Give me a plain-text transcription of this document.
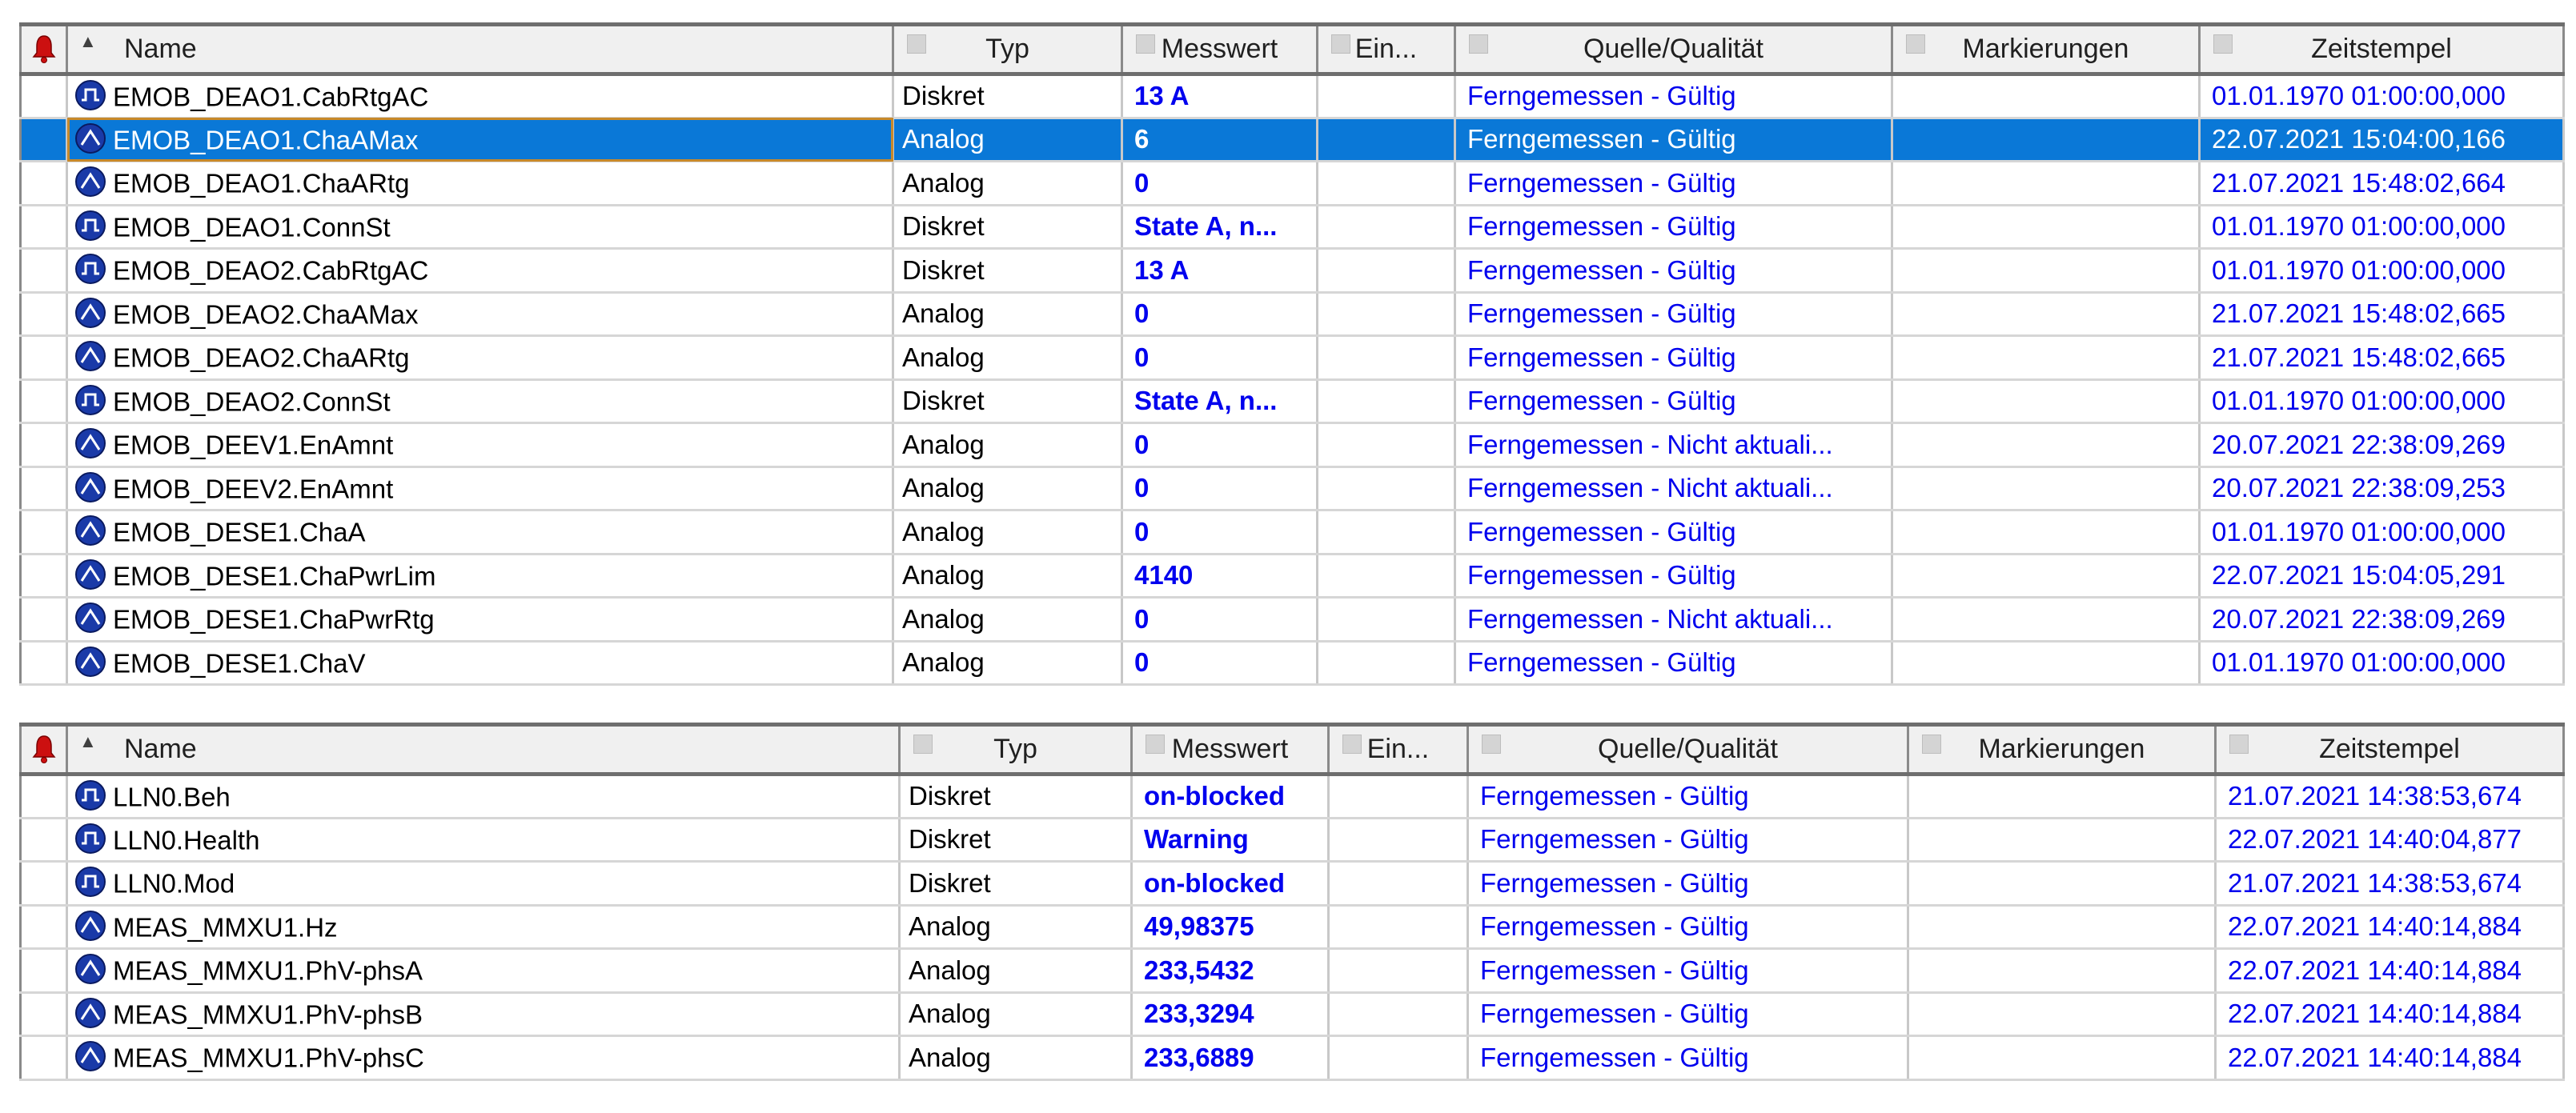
▲ Name	Typ	Messwert	Ein...	Quelle/Qualität	Markierungen	Zeitstempel
	EMOB_DEAO1.CabRtgAC	Diskret	13 A		Ferngemessen - Gültig		01.01.1970 01:00:00,000
	EMOB_DEAO1.ChaAMax	Analog	6		Ferngemessen - Gültig		22.07.2021 15:04:00,166
	EMOB_DEAO1.ChaARtg	Analog	0		Ferngemessen - Gültig		21.07.2021 15:48:02,664
	EMOB_DEAO1.ConnSt	Diskret	State A, n...		Ferngemessen - Gültig		01.01.1970 01:00:00,000
	EMOB_DEAO2.CabRtgAC	Diskret	13 A		Ferngemessen - Gültig		01.01.1970 01:00:00,000
	EMOB_DEAO2.ChaAMax	Analog	0		Ferngemessen - Gültig		21.07.2021 15:48:02,665
	EMOB_DEAO2.ChaARtg	Analog	0		Ferngemessen - Gültig		21.07.2021 15:48:02,665
	EMOB_DEAO2.ConnSt	Diskret	State A, n...		Ferngemessen - Gültig		01.01.1970 01:00:00,000
	EMOB_DEEV1.EnAmnt	Analog	0		Ferngemessen - Nicht aktuali...		20.07.2021 22:38:09,269
	EMOB_DEEV2.EnAmnt	Analog	0		Ferngemessen - Nicht aktuali...		20.07.2021 22:38:09,253
	EMOB_DESE1.ChaA	Analog	0		Ferngemessen - Gültig		01.01.1970 01:00:00,000
	EMOB_DESE1.ChaPwrLim	Analog	4140		Ferngemessen - Gültig		22.07.2021 15:04:05,291
	EMOB_DESE1.ChaPwrRtg	Analog	0		Ferngemessen - Nicht aktuali...		20.07.2021 22:38:09,269
	EMOB_DESE1.ChaV	Analog	0		Ferngemessen - Gültig		01.01.1970 01:00:00,000

▲ Name	Typ	Messwert	Ein...	Quelle/Qualität	Markierungen	Zeitstempel
	LLN0.Beh	Diskret	on-blocked		Ferngemessen - Gültig		21.07.2021 14:38:53,674
	LLN0.Health	Diskret	Warning		Ferngemessen - Gültig		22.07.2021 14:40:04,877
	LLN0.Mod	Diskret	on-blocked		Ferngemessen - Gültig		21.07.2021 14:38:53,674
	MEAS_MMXU1.Hz	Analog	49,98375		Ferngemessen - Gültig		22.07.2021 14:40:14,884
	MEAS_MMXU1.PhV-phsA	Analog	233,5432		Ferngemessen - Gültig		22.07.2021 14:40:14,884
	MEAS_MMXU1.PhV-phsB	Analog	233,3294		Ferngemessen - Gültig		22.07.2021 14:40:14,884
	MEAS_MMXU1.PhV-phsC	Analog	233,6889		Ferngemessen - Gültig		22.07.2021 14:40:14,884
